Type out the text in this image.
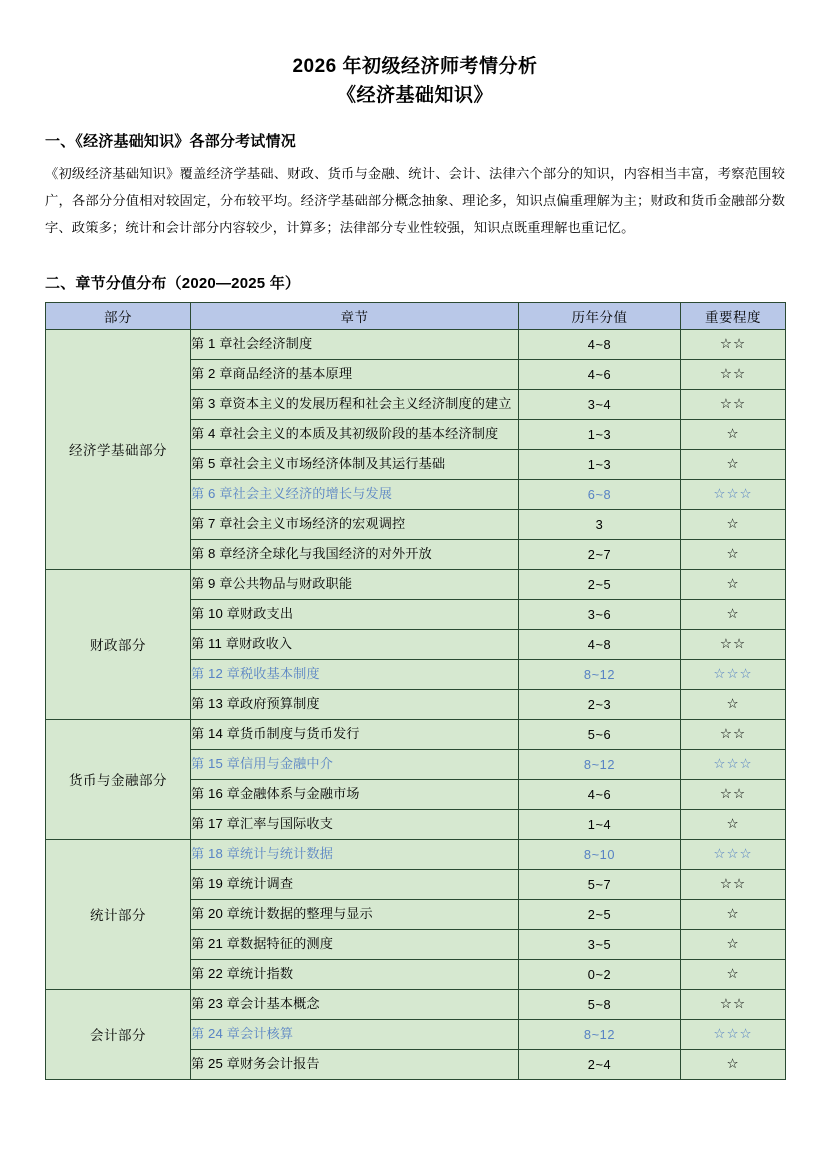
2026 年初级经济师考情分析
《经济基础知识》
一、《经济基础知识》各部分考试情况

《初级经济基础知识》覆盖经济学基础、财政、货币与金融、统计、会计、法律六个部分的知识，内容相当丰富，考察范围较广，各部分分值相对较固定，分布较平均。经济学基础部分概念抽象、理论多，知识点偏重理解为主；财政和货币金融部分数字、政策多；统计和会计部分内容较少，计算多；法律部分专业性较强，知识点既重理解也重记忆。

二、章节分值分布（2020—2025 年）
部分	章节	历年分值	重要程度
经济学基础部分	第 1 章社会经济制度	4~8	☆☆
	第 2 章商品经济的基本原理	4~6	☆☆
	第 3 章资本主义的发展历程和社会主义经济制度的建立	3~4	☆☆
	第 4 章社会主义的本质及其初级阶段的基本经济制度	1~3	☆
	第 5 章社会主义市场经济体制及其运行基础	1~3	☆
	第 6 章社会主义经济的增长与发展	6~8	☆☆☆
	第 7 章社会主义市场经济的宏观调控	3	☆
	第 8 章经济全球化与我国经济的对外开放	2~7	☆
财政部分	第 9 章公共物品与财政职能	2~5	☆
	第 10 章财政支出	3~6	☆
	第 11 章财政收入	4~8	☆☆
	第 12 章税收基本制度	8~12	☆☆☆
	第 13 章政府预算制度	2~3	☆
货币与金融部分	第 14 章货币制度与货币发行	5~6	☆☆
	第 15 章信用与金融中介	8~12	☆☆☆
	第 16 章金融体系与金融市场	4~6	☆☆
	第 17 章汇率与国际收支	1~4	☆
统计部分	第 18 章统计与统计数据	8~10	☆☆☆
	第 19 章统计调查	5~7	☆☆
	第 20 章统计数据的整理与显示	2~5	☆
	第 21 章数据特征的测度	3~5	☆
	第 22 章统计指数	0~2	☆
会计部分	第 23 章会计基本概念	5~8	☆☆
	第 24 章会计核算	8~12	☆☆☆
	第 25 章财务会计报告	2~4	☆
